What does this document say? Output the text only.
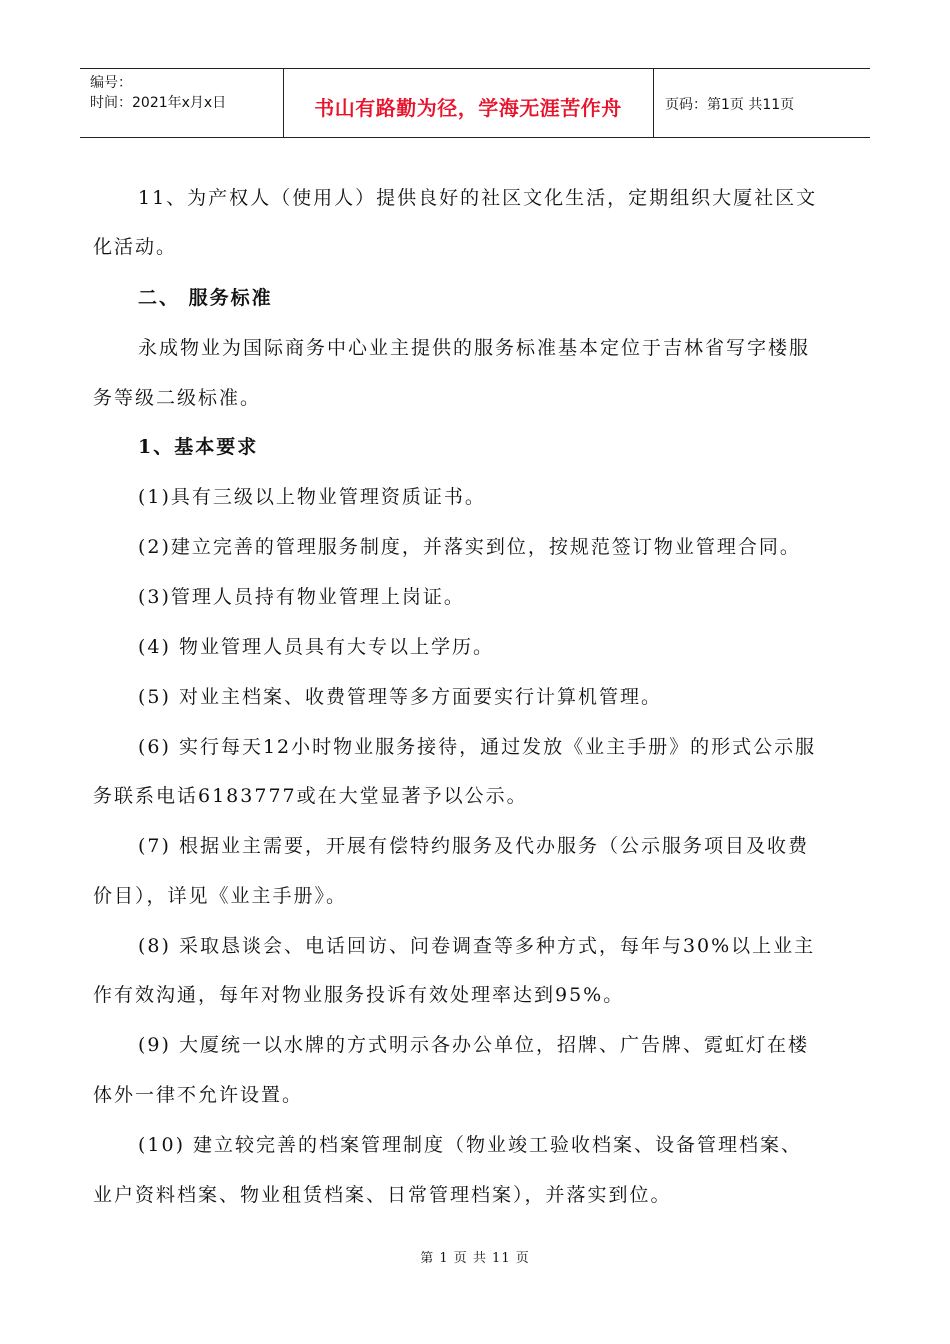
编号：
时间：2021年x月x日	书山有路勤为径，学海无涯苦作舟	页码：第1页 共11页
11、为产权人（使用人）提供良好的社区文化生活，定期组织大厦社区文
化活动。
二、 服务标准
永成物业为国际商务中心业主提供的服务标准基本定位于吉林省写字楼服
务等级二级标准。
1、基本要求
(1)具有三级以上物业管理资质证书。
(2)建立完善的管理服务制度，并落实到位，按规范签订物业管理合同。
(3)管理人员持有物业管理上岗证。
(4) 物业管理人员具有大专以上学历。
(5) 对业主档案、收费管理等多方面要实行计算机管理。
(6) 实行每天12小时物业服务接待，通过发放《业主手册》的形式公示服
务联系电话6183777或在大堂显著予以公示。
(7) 根据业主需要，开展有偿特约服务及代办服务（公示服务项目及收费
价目），详见《业主手册》。
(8) 采取恳谈会、电话回访、问卷调查等多种方式，每年与30%以上业主
作有效沟通，每年对物业服务投诉有效处理率达到95%。
(9) 大厦统一以水牌的方式明示各办公单位，招牌、广告牌、霓虹灯在楼
体外一律不允许设置。
(10) 建立较完善的档案管理制度（物业竣工验收档案、设备管理档案、
业户资料档案、物业租赁档案、日常管理档案），并落实到位。
第 1 页 共 11 页
